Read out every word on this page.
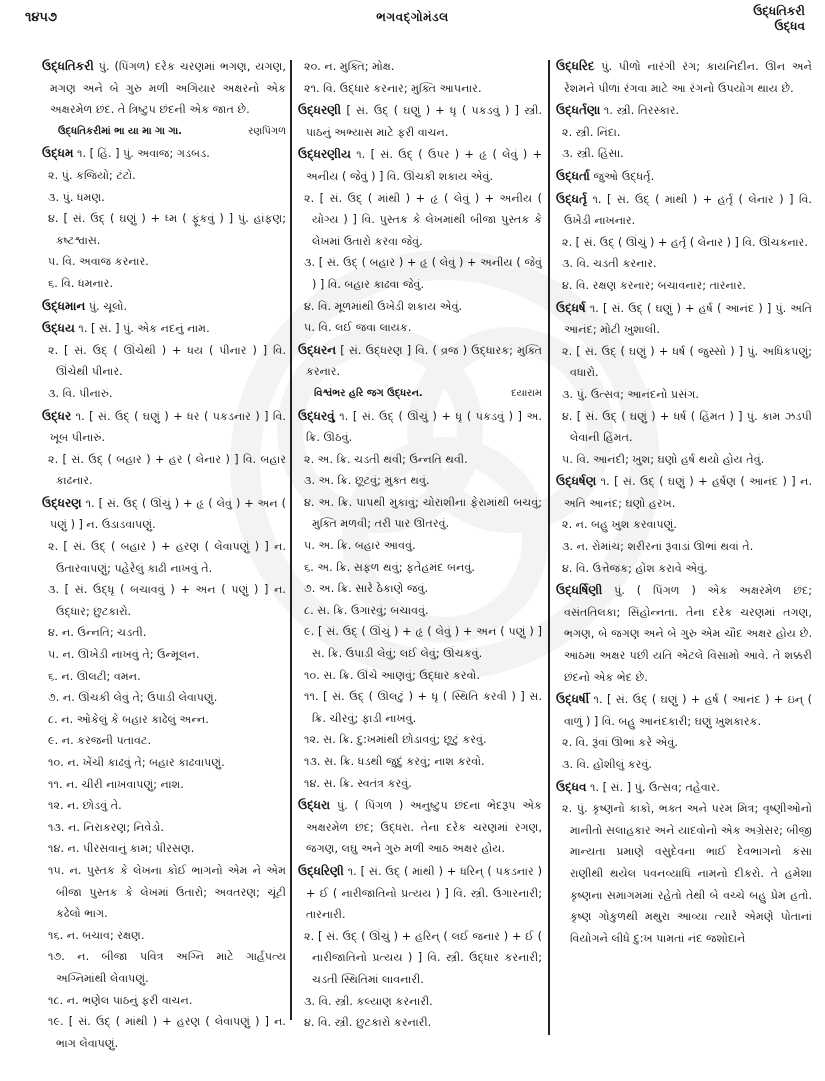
૧૪૫૭	ભગવદ્ગોમંડલ	ઉદ્ધતિકરી
ઉદ્ધવ
ઉદ્ધતિકરી પું. (પિંગળ) દરેક ચરણમાં ભગણ, યગણ, મગણ અને બે ગુરુ મળી અગિયાર અક્ષરનો એક અક્ષરમેળ છંદ. તે ત્રિષ્ટુપ છંદની એક જાત છે.
રણપિંગળ
ઉદ્ધતિકરીમાં ભા યા મા ગા ગા.
ઉદ્ધમ ૧. [ હિં. ] પું. અવાજ; ગડબડ.
૨. પું. કજિયો; ટંટો.
૩. પું. ધમણ.
૪. [ સં. ઉદ્ ( ઘણું ) + ધ્મ ( ફૂંકવું ) ] પું. હાંફણ; કષ્ટશ્વાસ.
૫. વિ. અવાજ કરનાર.
૬. વિ. ધમનાર.
ઉદ્ધમાન પું. ચૂલો.
ઉદ્ધય ૧. [ સં. ] પું. એક નદનું નામ.
૨. [ સં. ઉદ્ ( ઊંચેથી ) + ધય ( પીનાર ) ] વિ. ઊંચેથી પીનાર.
૩. વિ. પીનારું.
ઉદ્ધર ૧. [ સં. ઉદ્ ( ઘણું ) + ધર ( પકડનાર ) ] વિ. ખૂબ પીનારું.
૨. [ સં. ઉદ્ ( બહાર ) + હર ( લેનાર ) ] વિ. બહાર કાઢનાર.
ઉદ્ધરણ ૧. [ સં. ઉદ્ ( ઊંચું ) + હૃ ( લેવું ) + અન ( પણું ) ] ન. ઉડાડવાપણું.
૨. [ સં. ઉદ્ ( બહાર ) + હરણ ( લેવાપણું ) ] ન. ઉતારવાપણું; પહેરેલું કાઢી નાખવું તે.
૩. [ સં. ઉદ્ધૃ ( બચાવવું ) + અન ( પણું ) ] ન. ઉદ્ધાર; છુટકારો.
૪. ન. ઉન્નતિ; ચડતી.
૫. ન. ઊખેડી નાખવું તે; ઉન્મૂલન.
૬. ન. ઊલટી; વમન.
૭. ન. ઊંચકી લેવું તે; ઉપાડી લેવાપણું.
૮. ન. ઓકેલું કે બહાર કાઢેલું અન્ન.
૯. ન. કરજની પતાવટ.
૧૦. ન. ખેંચી કાઢવું તે; બહાર કાઢવાપણું.
૧૧. ન. ચીરી નાખવાપણું; નાશ.
૧૨. ન. છોડવું તે.
૧૩. ન. નિરાકરણ; નિવેડો.
૧૪. ન. પીરસવાનું કામ; પીરસણ.
૧૫. ન. પુસ્તક કે લેખના કોઈ ભાગનો એમ ને એમ બીજા પુસ્તક કે લેખમાં ઉતારો; અવતરણ; ચૂંટી કઢેલો ભાગ.
૧૬. ન. બચાવ; રક્ષણ.
૧૭. ન. બીજા પવિત્ર અગ્નિ માટે ગાર્હપત્ય અગ્નિમાંથી લેવાપણું.
૧૮. ન. ભણેલ પાઠનું ફરી વાચન.
૧૯. [ સં. ઉદ્ ( માંથી ) + હરણ ( લેવાપણું ) ] ન. ભાગ લેવાપણું.
૨૦. ન. મુક્તિ; મોક્ષ.
૨૧. વિ. ઉદ્ધાર કરનાર; મુક્તિ આપનાર.
ઉદ્ધરણી [ સં. ઉદ્ ( ઘણું ) + ધૃ ( પકડવું ) ] સ્ત્રી. પાઠનું અભ્યાસ માટે ફરી વાચન.
ઉદ્ધરણીય ૧. [ સં. ઉદ્ ( ઉપર ) + હૃ ( લેવું ) + અનીય ( જેવું ) ] વિ. ઊંચકી શકાય એવું.
૨. [ સં. ઉદ્ ( માંથી ) + હૃ ( લેવું ) + અનીય ( યોગ્ય ) ] વિ. પુસ્તક કે લેખમાંથી બીજા પુસ્તક કે લેખમાં ઉતારો કરવા જેવું.
૩. [ સં. ઉદ્ ( બહાર ) + હૃ ( લેવું ) + અનીય ( જેવું ) ] વિ. બહાર કાઢવા જેવું.
૪. વિ. મૂળમાંથી ઉખેડી શકાય એવું.
૫. વિ. લઈ જવા લાયક.
ઉદ્ધરન [ સં. ઉદ્ધરણ ] વિ. ( વ્રજ ) ઉદ્ધારક; મુક્તિ કરનાર.
દયારામ
વિશ્વંભર હરિ જગ ઉદ્ધરન.
ઉદ્ધરવું ૧. [ સં. ઉદ્ ( ઊંચું ) + ધૃ ( પકડવું ) ] અ. ક્રિ. ઊઠવું.
૨. અ. ક્રિ. ચડતી થવી; ઉન્નતિ થવી.
૩. અ. ક્રિ. છૂટવું; મુક્ત થવું.
૪. અ. ક્રિ. પાપથી મુકાવું; ચોરાશીના ફેરામાંથી બચવું; મુક્તિ મળવી; તરી પાર ઊતરવું.
૫. અ. ક્રિ. બહાર આવવું.
૬. અ. ક્રિ. સફળ થવું; ફતેહમંદ બનવું.
૭. અ. ક્રિ. સારે ઠેકાણે જવું.
૮. સ. ક્રિ. ઉગારવું; બચાવવું.
૯. [ સં. ઉદ્ ( ઊંચું ) + હૃ ( લેવું ) + અન ( પણું ) ] સ. ક્રિ. ઉપાડી લેવું; લઈ લેવું; ઊંચકવું.
૧૦. સ. ક્રિ. ઊંચે આણવું; ઉદ્ધાર કરવો.
૧૧. [ સં. ઉદ્ ( ઊલટું ) + ધૃ ( સ્થિતિ કરવી ) ] સ. ક્રિ. ચીરવું; ફાડી નાખવું.
૧૨. સ. ક્રિ. દુ:ખમાંથી છોડાવવું; છૂટું કરવું.
૧૩. સ. ક્રિ. ધડથી જુદું કરવું; નાશ કરવો.
૧૪. સ. ક્રિ. સ્વતંત્ર કરવું.
ઉદ્ધરા પું. ( પિંગળ ) અનુષ્ટુપ છંદના ભેદરૂપ એક અક્ષરમેળ છંદ; ઉદ્ધરા. તેના દરેક ચરણમાં રગણ, જગણ, લઘુ અને ગુરુ મળી આઠ અક્ષર હોય.
ઉદ્ધરિણી ૧. [ સં. ઉદ્ ( માંથી ) + ધરિન્ ( પકડનાર ) + ઈ ( નારીજાતિનો પ્રત્યય ) ] વિ. સ્ત્રી. ઉગારનારી; તારનારી.
૨. [ સં. ઉદ્ ( ઊંચું ) + હરિન્ ( લઈ જનાર ) + ઈ ( નારીજાતિનો પ્રત્યય ) ] વિ. સ્ત્રી. ઉદ્ધાર કરનારી; ચડતી સ્થિતિમાં લાવનારી.
૩. વિ. સ્ત્રી. કલ્યાણ કરનારી.
૪. વિ. સ્ત્રી. છુટકારો કરનારી.
ઉદ્ધરિદ પું. પીળો નારંગી રંગ; કાયનિદીન. ઊન અને રેશમને પીળાં રંગવા માટે આ રંગનો ઉપયોગ થાય છે.
ઉદ્ધર્તણા ૧. સ્ત્રી. તિરસ્કાર.
૨. સ્ત્રી. નિંદા.
૩. સ્ત્રી. હિંસા.
ઉદ્ધર્તા જુઓ ઉદ્ધર્તૃ.
ઉદ્ધર્તૃ ૧. [ સં. ઉદ્ ( માંથી ) + હર્તૃ ( લેનાર ) ] વિ. ઉખેડી નાખનાર.
૨. [ સં. ઉદ્ ( ઊંચું ) + હર્તૃ ( લેનાર ) ] વિ. ઊંચકનાર.
૩. વિ. ચડતી કરનાર.
૪. વિ. રક્ષણ કરનાર; બચાવનાર; તારનાર.
ઉદ્ધર્ષ ૧. [ સં. ઉદ્ ( ઘણું ) + હર્ષ ( આનંદ ) ] પું. અતિ આનંદ; મોટી ખુશાલી.
૨. [ સં. ઉદ્ ( ઘણું ) + ધર્ષ ( જુસ્સો ) ] પું. અધિકપણું; વધારો.
૩. પું. ઉત્સવ; આનંદનો પ્રસંગ.
૪. [ સં. ઉદ્ ( ઘણું ) + ધર્ષ ( હિંમત ) ] પું. કામ ઝડપી લેવાની હિંમત.
૫. વિ. આનંદી; ખુશ; ઘણો હર્ષ થયો હોય તેવું.
ઉદ્ધર્ષણ ૧. [ સં. ઉદ્ ( ઘણું ) + હર્ષણ ( આનંદ ) ] ન. અતિ આનંદ; ઘણો હરખ.
૨. ન. બહુ ખુશ કરવાપણું.
૩. ન. રોમાંચ; શરીરનાં રૂંવાડાં ઊભાં થવાં તે.
૪. વિ. ઉત્તેજક; હોંશ કરાવે એવું.
ઉદ્ધર્ષિણી પું. ( પિંગળ ) એક અક્ષરમેળ છંદ; વસંતતિલકા; સિંહોન્નતા. તેના દરેક ચરણમાં તગણ, ભગણ, બે જગણ અને બે ગુરુ એમ ચૌદ અક્ષર હોય છે. આઠમા અક્ષર પછી યતિ એટલે વિસામો આવે. તે શક્કરી છંદનો એક ભેદ છે.
ઉદ્ધર્ષી ૧. [ સં. ઉદ્ ( ઘણું ) + હર્ષ ( આનંદ ) + ઇન્ ( વાળું ) ] વિ. બહુ આનંદકારી; ઘણું ખુશકારક.
૨. વિ. રૂંવાં ઊભાં કરે એવું.
૩. વિ. હોંશીલું કરવું.
ઉદ્ધવ ૧. [ સં. ] પું. ઉત્સવ; તહેવાર.
૨. પું. કૃષ્ણનો કાકો, ભક્ત અને પરમ મિત્ર; વૃષ્ણીઓનો માનીતો સલાહકાર અને યાદવોનો એક અગ્રેસર; બીજી માન્યતા પ્રમાણે વસુદેવના ભાઈ દેવભાગનો કંસા રાણીથી થયેલ પવનવ્યાધિ નામનો દીકરો. તે હમેશા કૃષ્ણના સમાગમમાં રહેતો તેથી બે વચ્ચે બહુ પ્રેમ હતો. કૃષ્ણ ગોકુળથી મથુરા આવ્યા ત્યારે એમણે પોતાનાં વિયોગને લીધે દુ:ખ પામતાં નંદ જશોદાને
